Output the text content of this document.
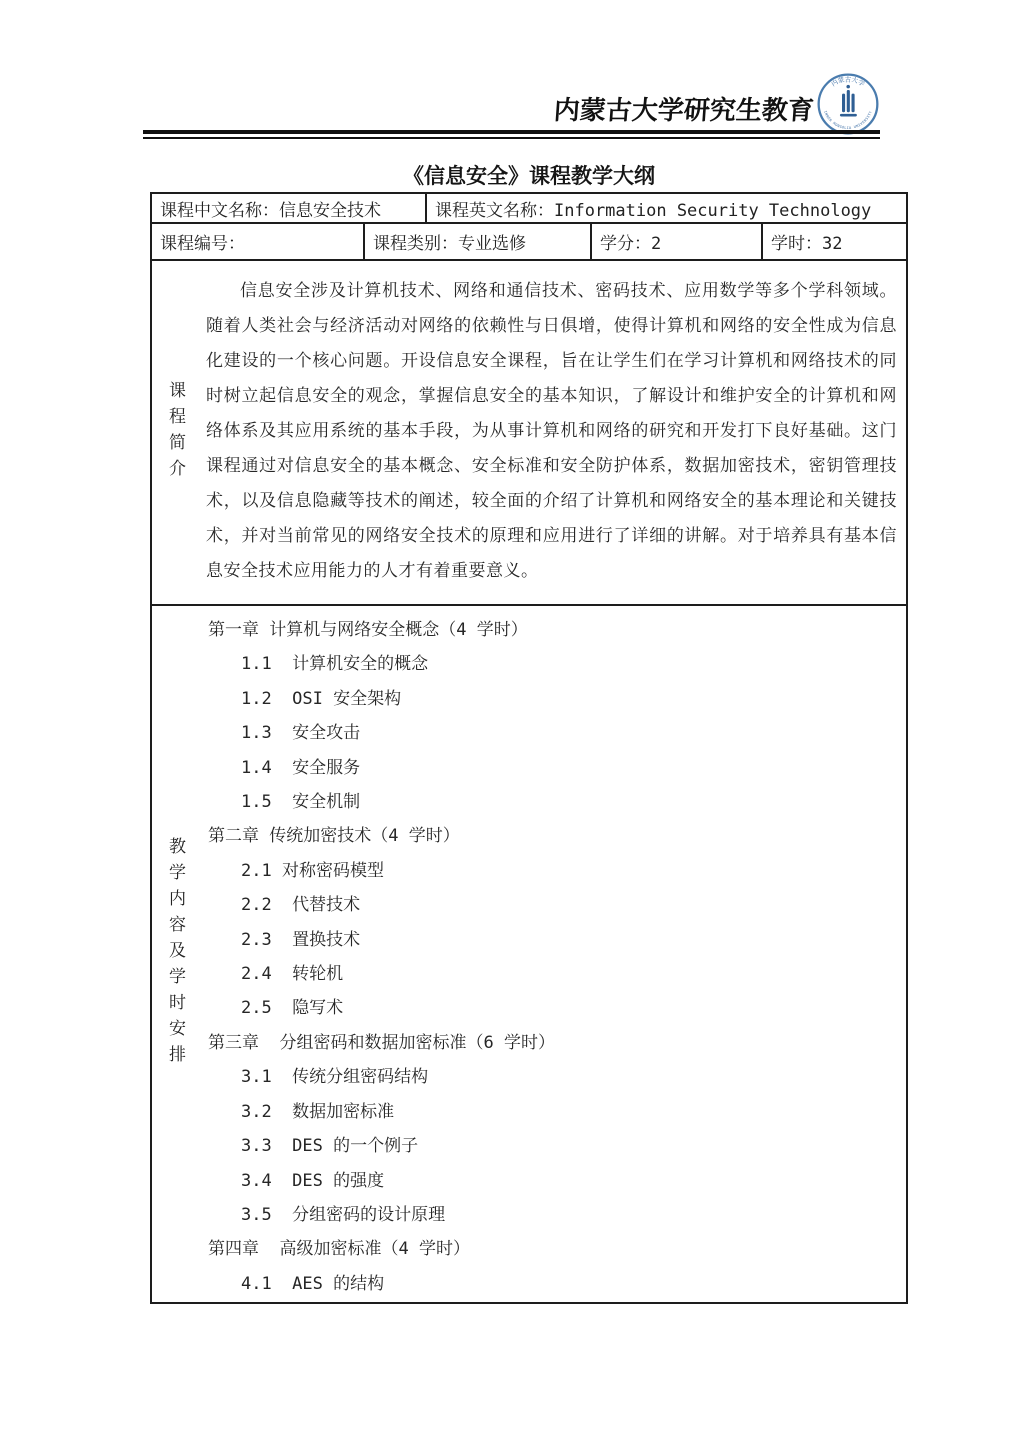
内蒙古大学研究生教育
内蒙古大学
INNER MONGOLIA UNIVERSITY
《信息安全》课程教学大纲
课程中文名称：信息安全技术	课程英文名称：Information Security Technology
课程编号：	课程类别：专业选修	学分：2	学时：32
课程简介
信息安全涉及计算机技术、网络和通信技术、密码技术、应用数学等多个学科领域。随着人类社会与经济活动对网络的依赖性与日俱增，使得计算机和网络的安全性成为信息化建设的一个核心问题。开设信息安全课程，旨在让学生们在学习计算机和网络技术的同时树立起信息安全的观念，掌握信息安全的基本知识，了解设计和维护安全的计算机和网络体系及其应用系统的基本手段，为从事计算机和网络的研究和开发打下良好基础。这门课程通过对信息安全的基本概念、安全标准和安全防护体系，数据加密技术，密钥管理技术，以及信息隐藏等技术的阐述，较全面的介绍了计算机和网络安全的基本理论和关键技术，并对当前常见的网络安全技术的原理和应用进行了详细的讲解。对于培养具有基本信息安全技术应用能力的人才有着重要意义。
教学内容及学时安排
第一章 计算机与网络安全概念（4 学时）
1.1  计算机安全的概念
1.2  OSI 安全架构
1.3  安全攻击
1.4  安全服务
1.5  安全机制
第二章 传统加密技术（4 学时）
2.1 对称密码模型
2.2  代替技术
2.3  置换技术
2.4  转轮机
2.5  隐写术
第三章  分组密码和数据加密标准（6 学时）
3.1  传统分组密码结构
3.2  数据加密标准
3.3  DES 的一个例子
3.4  DES 的强度
3.5  分组密码的设计原理
第四章  高级加密标准（4 学时）
4.1  AES 的结构
